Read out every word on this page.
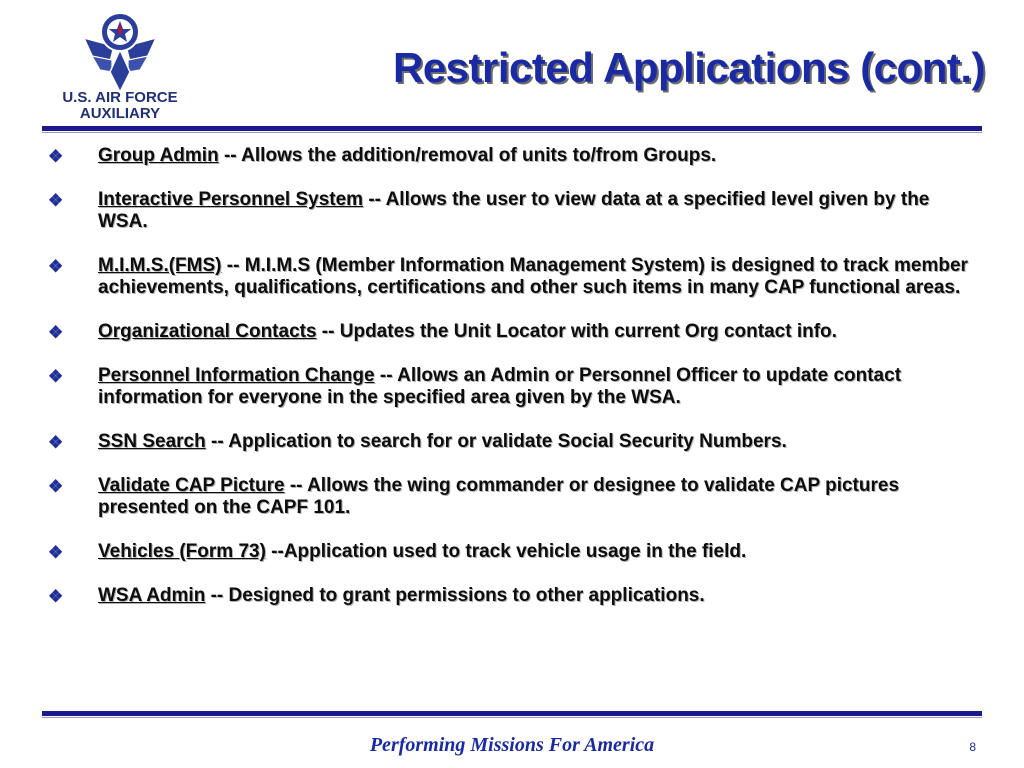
U.S. AIR FORCE
AUXILIARY
Restricted Applications (cont.)
❖ Group Admin -- Allows the addition/removal of units to/from Groups.
❖ Interactive Personnel System -- Allows the user to view data at a specified level given by the WSA.
❖ M.I.M.S.(FMS) -- M.I.M.S (Member Information Management System) is designed to track member achievements, qualifications, certifications and other such items in many CAP functional areas.
❖ Organizational Contacts -- Updates the Unit Locator with current Org contact info.
❖ Personnel Information Change -- Allows an Admin or Personnel Officer to update contact information for everyone in the specified area given by the WSA.
❖ SSN Search -- Application to search for or validate Social Security Numbers.
❖ Validate CAP Picture -- Allows the wing commander or designee to validate CAP pictures presented on the CAPF 101.
❖ Vehicles (Form 73) --Application used to track vehicle usage in the field.
❖ WSA Admin -- Designed to grant permissions to other applications.
Performing Missions For America	8
